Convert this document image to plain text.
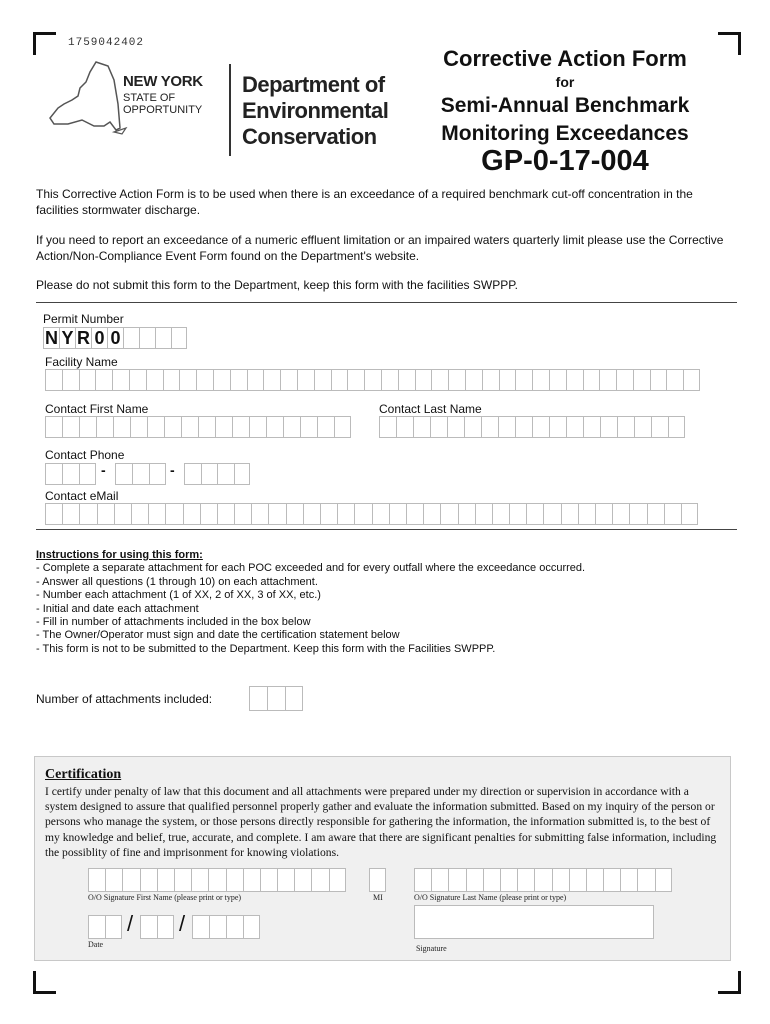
1759042402
NEW YORK
STATE OF
OPPORTUNITY
Department of
Environmental
Conservation
Corrective Action Form
for
Semi-Annual Benchmark
Monitoring Exceedances
GP-0-17-004
This Corrective Action Form is to be used when there is an exceedance of a required benchmark cut-off concentration in the facilities stormwater discharge.
If you need to report an exceedance of a numeric effluent limitation or an impaired waters quarterly limit please use the Corrective Action/Non-Compliance Event Form found on the Department's website.
Please do not submit this form to the Department, keep this form with the facilities SWPPP.
Permit Number
N Y R 0 0
Facility Name
Contact First Name	Contact Last Name
Contact Phone
-	-
Contact eMail
Instructions for using this form:
- Complete a separate attachment for each POC exceeded and for every outfall where the exceedance occurred.
- Answer all questions (1 through 10) on each attachment.
- Number each attachment (1 of XX, 2 of XX, 3 of XX, etc.)
- Initial and date each attachment
- Fill in number of attachments included in the box below
- The Owner/Operator must sign and date the certification statement below
- This form is not to be submitted to the Department. Keep this form with the Facilities SWPPP.
Number of attachments included:
Certification
I certify under penalty of law that this document and all attachments were prepared under my direction or supervision in accordance with a system designed to assure that qualified personnel properly gather and evaluate the information submitted. Based on my inquiry of the person or persons who manage the system, or those persons directly responsible for gathering the information, the information submitted is, to the best of my knowledge and belief, true, accurate, and complete. I am aware that there are significant penalties for submitting false information, including the possiblity of fine and imprisonment for knowing violations.
O/O Signature First Name (please print or type)	MI	O/O Signature Last Name (please print or type)
/ /
Date	Signature
